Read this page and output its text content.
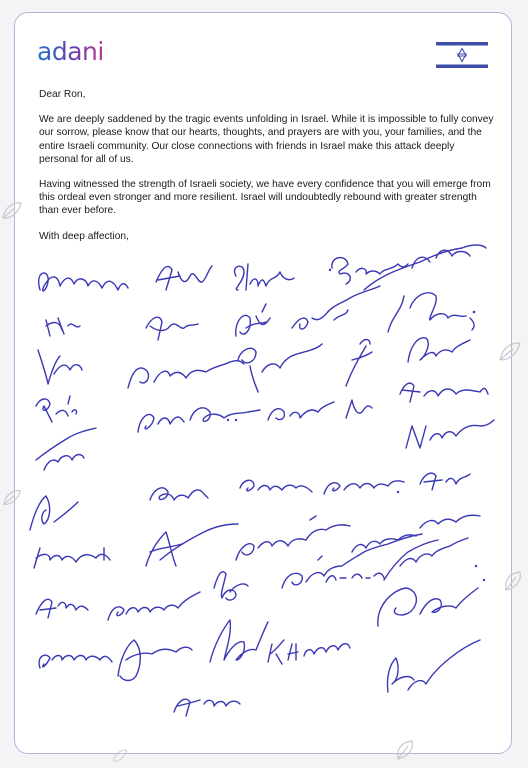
adani

Dear Ron,

We are deeply saddened by the tragic events unfolding in Israel. While it is impossible to fully convey our sorrow, please know that our hearts, thoughts, and prayers are with you, your families, and the entire Israeli community. Our close connections with friends in Israel make this attack deeply personal for all of us.

Having witnessed the strength of Israeli society, we have every confidence that you will emerge from this ordeal even stronger and more resilient. Israel will undoubtedly rebound with greater strength than ever before.

With deep affection,
